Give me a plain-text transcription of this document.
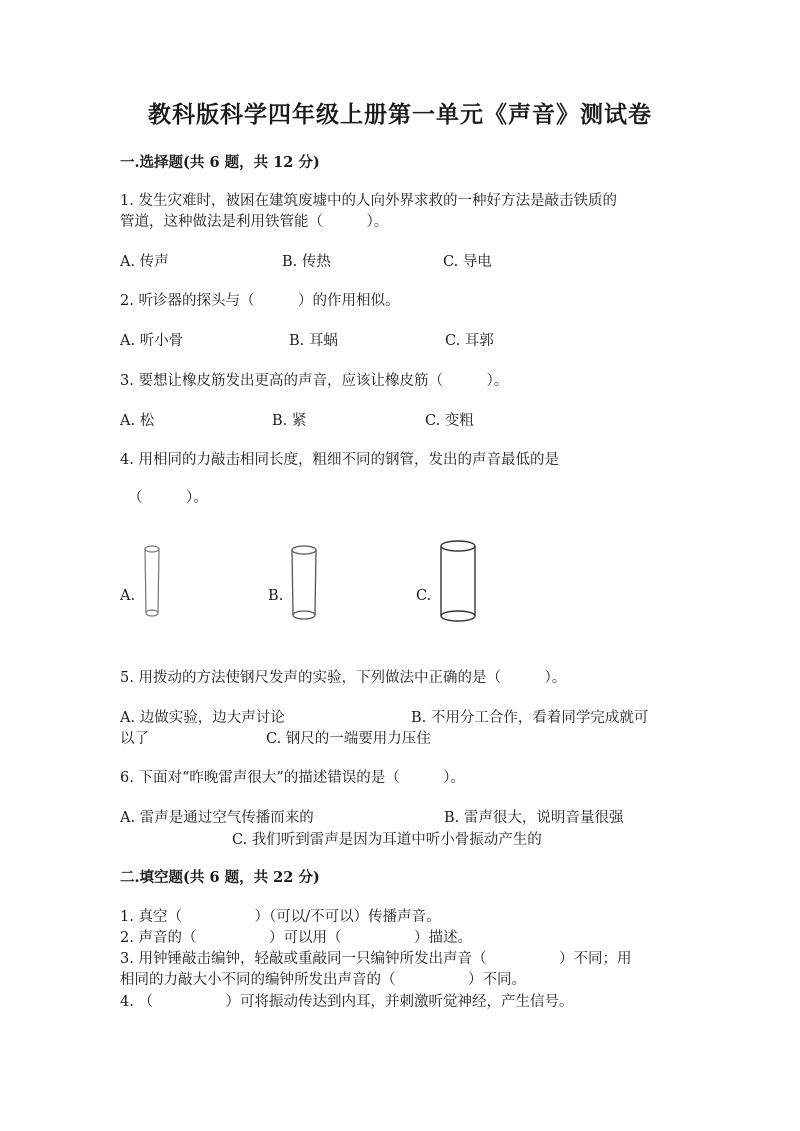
教科版科学四年级上册第一单元《声音》测试卷
一.选择题(共 6 题，共 12 分)
1. 发生灾难时，被困在建筑废墟中的人向外界求救的一种好方法是敲击铁质的
管道，这种做法是利用铁管能（　　　）。
A. 传声	B. 传热	C. 导电
2. 听诊器的探头与（　　　）的作用相似。
A. 听小骨	B. 耳蜗	C. 耳郭
3. 要想让橡皮筋发出更高的声音，应该让橡皮筋（　　　）。
A. 松	B. 紧	C. 变粗
4. 用相同的力敲击相同长度，粗细不同的钢管，发出的声音最低的是
（　　　）。
A.	B.	C.
5. 用拨动的方法使钢尺发声的实验，下列做法中正确的是（　　　）。
A. 边做实验，边大声讨论	B. 不用分工合作，看着同学完成就可
以了	C. 钢尺的一端要用力压住
6. 下面对“昨晚雷声很大”的描述错误的是（　　　）。
A. 雷声是通过空气传播而来的	B. 雷声很大，说明音量很强
C. 我们听到雷声是因为耳道中听小骨振动产生的
二.填空题(共 6 题，共 22 分)
1. 真空（　　　　　）（可以/不可以）传播声音。
2. 声音的（　　　　　）可以用（　　　　　）描述。
3. 用钟锤敲击编钟，轻敲或重敲同一只编钟所发出声音（　　　　　）不同；用
相同的力敲大小不同的编钟所发出声音的（　　　　　）不同。
4. （　　　　　）可将振动传达到内耳，并刺激听觉神经，产生信号。
